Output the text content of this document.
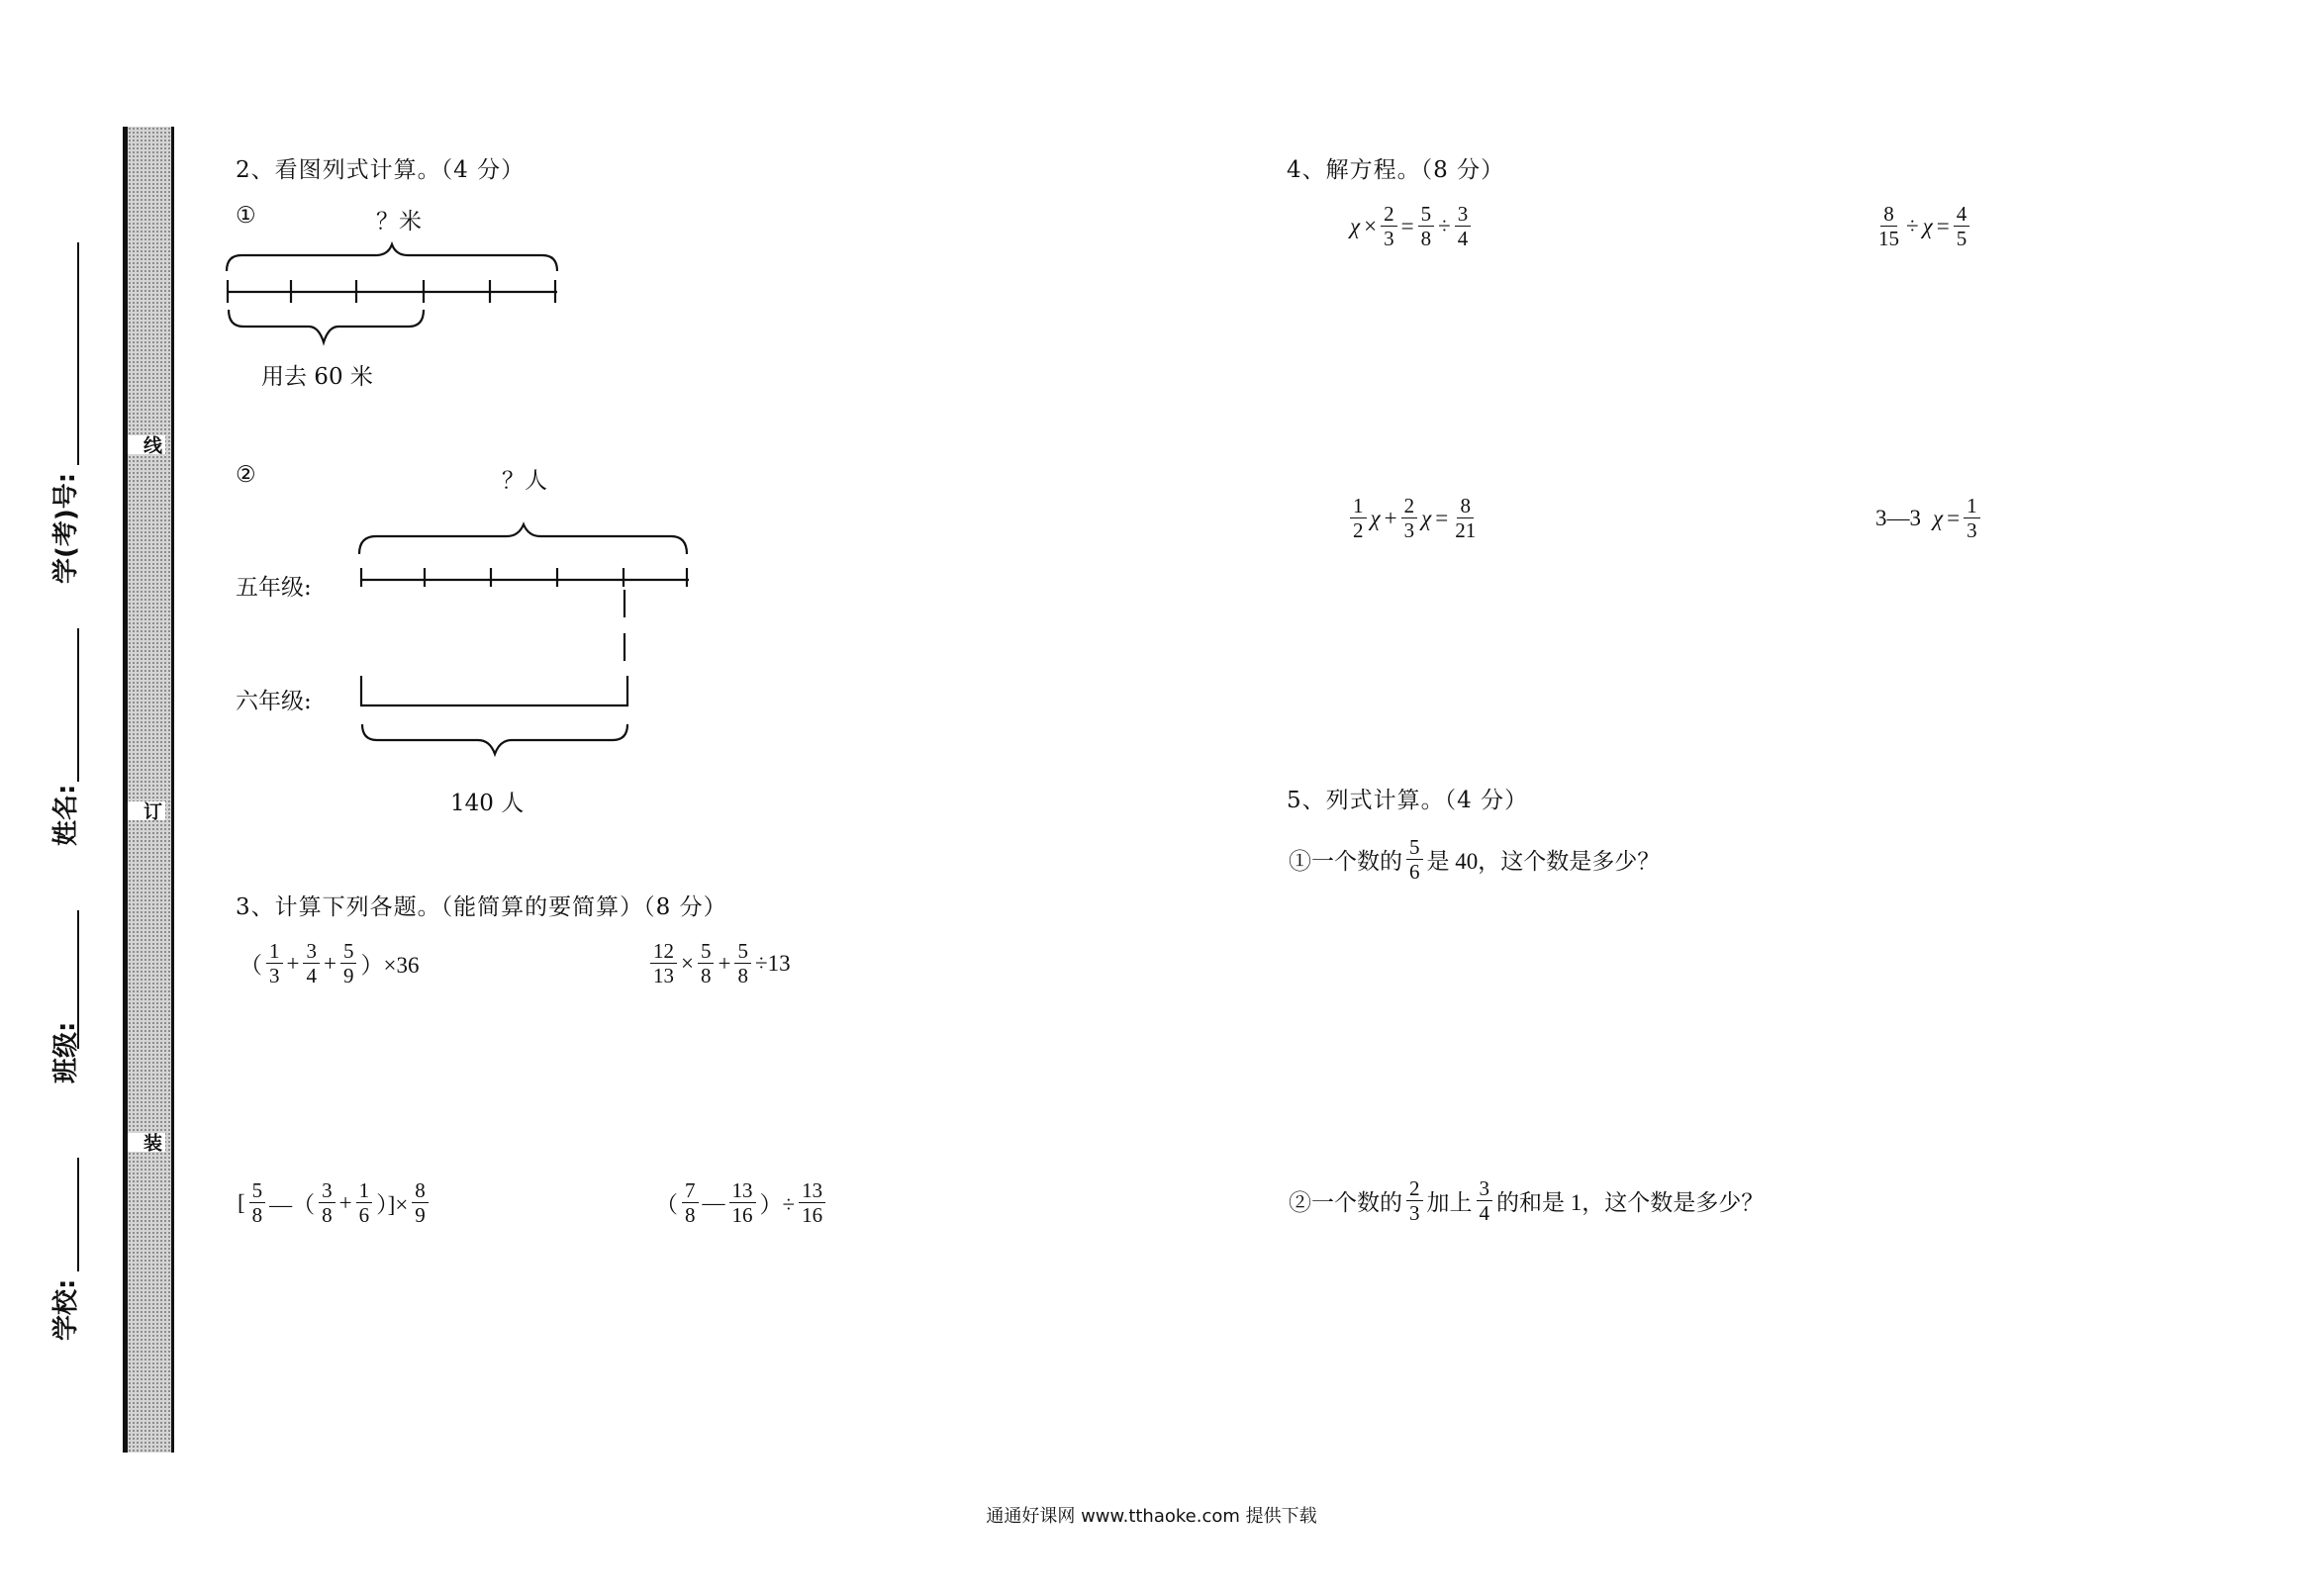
线
订
装
学(考)号:
姓名:
班级:
学校:
2、看图列式计算。（4 分）
①	？米
用去 60 米
②	？人
五年级:
六年级:
140 人
3、计算下列各题。（能简算的要简算）（8 分）
（ $\frac{1}{3} + \frac{3}{4} + \frac{5}{9} )\times 36$	$\frac{12}{13} \times \frac{5}{8} + \frac{5}{8} \div 13$
[ $\frac{5}{8}$ —（ $\frac{3}{8} + \frac{1}{6}$ ）]× $\frac{8}{9}$	（ $\frac{7}{8}$ — $\frac{13}{16}$ ）÷ $\frac{13}{16}$
4、解方程。（8 分）
$\chi \times \frac{2}{3} = \frac{5}{8} \div \frac{3}{4}$	$\frac{8}{15} \div \chi = \frac{4}{5}$
$\frac{1}{2}$ $\chi + \frac{2}{3}$ $\chi = \frac{8}{21}$	3—3 $\chi = \frac{1}{3}$
5、列式计算。（4 分）
①一个数的 $\frac{5}{6}$ 是 40，这个数是多少？
②一个数的 $\frac{2}{3}$ 加上 $\frac{3}{4}$ 的和是 1，这个数是多少？
通通好课网 www.tthaoke.com 提供下载
